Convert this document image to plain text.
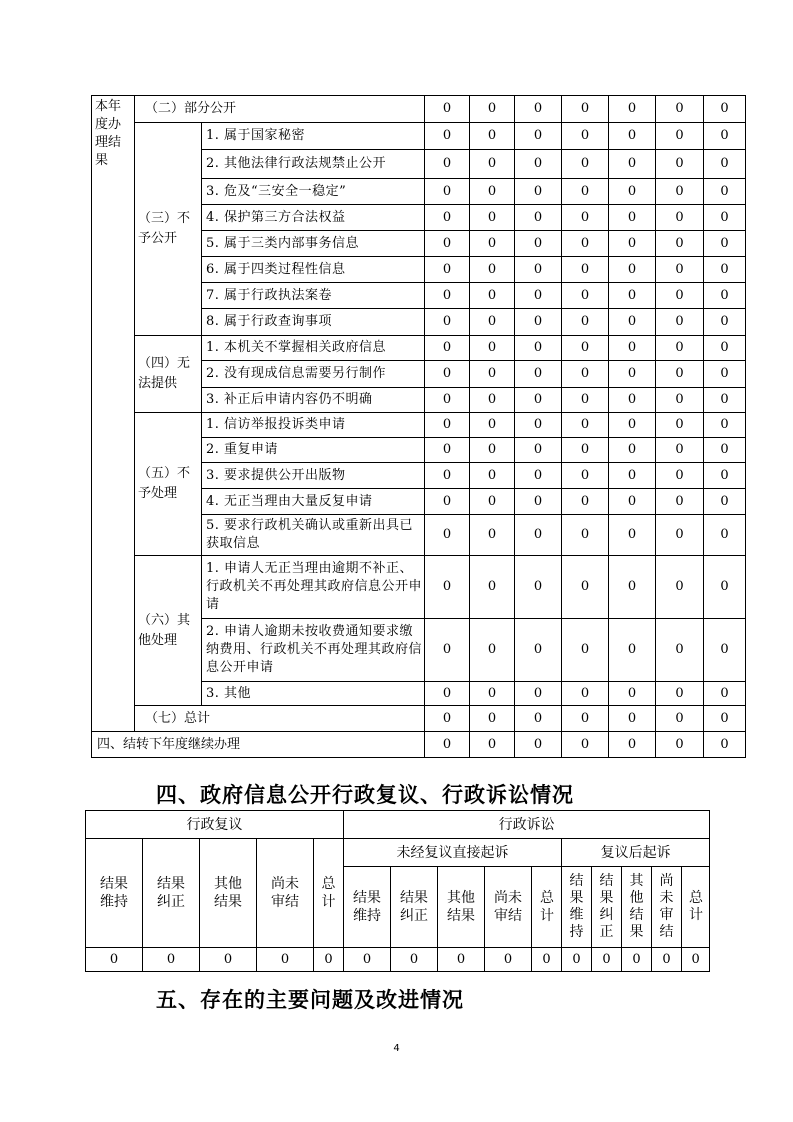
本年度办理结果	（二）部分公开		0	0	0	0	0	0	0
	（三）不予公开	1. 属于国家秘密	0	0	0	0	0	0	0
		2. 其他法律行政法规禁止公开	0	0	0	0	0	0	0
		3. 危及“三安全一稳定”	0	0	0	0	0	0	0
		4. 保护第三方合法权益	0	0	0	0	0	0	0
		5. 属于三类内部事务信息	0	0	0	0	0	0	0
		6. 属于四类过程性信息	0	0	0	0	0	0	0
		7. 属于行政执法案卷	0	0	0	0	0	0	0
		8. 属于行政查询事项	0	0	0	0	0	0	0
	（四）无法提供	1. 本机关不掌握相关政府信息	0	0	0	0	0	0	0
		2. 没有现成信息需要另行制作	0	0	0	0	0	0	0
		3. 补正后申请内容仍不明确	0	0	0	0	0	0	0
	（五）不予处理	1. 信访举报投诉类申请	0	0	0	0	0	0	0
		2. 重复申请	0	0	0	0	0	0	0
		3. 要求提供公开出版物	0	0	0	0	0	0	0
		4. 无正当理由大量反复申请	0	0	0	0	0	0	0
		5. 要求行政机关确认或重新出具已获取信息	0	0	0	0	0	0	0
	（六）其他处理	1. 申请人无正当理由逾期不补正、行政机关不再处理其政府信息公开申请	0	0	0	0	0	0	0
		2. 申请人逾期未按收费通知要求缴纳费用、行政机关不再处理其政府信息公开申请	0	0	0	0	0	0	0
		3. 其他	0	0	0	0	0	0	0
	（七）总计		0	0	0	0	0	0	0
四、结转下年度继续办理			0	0	0	0	0	0	0
四、政府信息公开行政复议、行政诉讼情况
行政复议					行政诉讼									
结果维持	结果纠正	其他结果	尚未审结	总计	未经复议直接起诉					复议后起诉				
					结果维持	结果纠正	其他结果	尚未审结	总计	结果维持	结果纠正	其他结果	尚未审结	总计
0	0	0	0	0	0	0	0	0	0	0	0	0	0	0
五、存在的主要问题及改进情况
4
